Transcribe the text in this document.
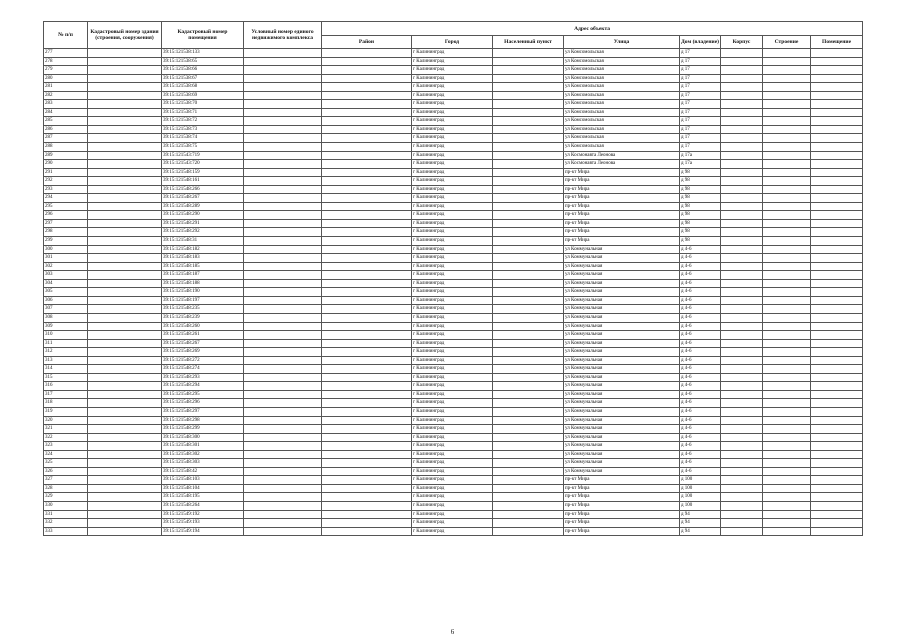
№ п/п	Кадастровый номер здания (строения, сооружения)	Кадастровый номер помещения	Условный номер единого недвижимого комплекса	Адрес объекта							
				Район	Город	Населенный пункт	Улица	Дом (владение)	Корпус	Строение	Помещение
277		39:15:121538:133			г Калининград		ул Комсомольская	д 17			
278		39:15:121538:65			г Калининград		ул Комсомольская	д 17			
279		39:15:121538:66			г Калининград		ул Комсомольская	д 17			
280		39:15:121538:67			г Калининград		ул Комсомольская	д 17			
281		39:15:121538:68			г Калининград		ул Комсомольская	д 17			
282		39:15:121538:69			г Калининград		ул Комсомольская	д 17			
283		39:15:121538:70			г Калининград		ул Комсомольская	д 17			
284		39:15:121538:71			г Калининград		ул Комсомольская	д 17			
285		39:15:121538:72			г Калининград		ул Комсомольская	д 17			
286		39:15:121538:73			г Калининград		ул Комсомольская	д 17			
287		39:15:121538:74			г Калининград		ул Комсомольская	д 17			
288		39:15:121538:75			г Калининград		ул Комсомольская	д 17			
289		39:15:121543:719			г Калининград		ул Космонавта Леонова	д 17а			
290		39:15:121543:720			г Калининград		ул Космонавта Леонова	д 17а			
291		39:15:121548:159			г Калининград		пр-кт Мира	д 98			
292		39:15:121548:161			г Калининград		пр-кт Мира	д 98			
293		39:15:121548:266			г Калининград		пр-кт Мира	д 98			
294		39:15:121548:267			г Калининград		пр-кт Мира	д 98			
295		39:15:121548:289			г Калининград		пр-кт Мира	д 98			
296		39:15:121548:290			г Калининград		пр-кт Мира	д 98			
297		39:15:121548:291			г Калининград		пр-кт Мира	д 98			
298		39:15:121548:292			г Калининград		пр-кт Мира	д 98			
299		39:15:121548:31			г Калининград		пр-кт Мира	д 98			
300		39:15:121548:182			г Калининград		ул Коммунальная	д 4-6			
301		39:15:121548:183			г Калининград		ул Коммунальная	д 4-6			
302		39:15:121548:185			г Калининград		ул Коммунальная	д 4-6			
303		39:15:121548:187			г Калининград		ул Коммунальная	д 4-6			
304		39:15:121548:188			г Калининград		ул Коммунальная	д 4-6			
305		39:15:121548:190			г Калининград		ул Коммунальная	д 4-6			
306		39:15:121548:197			г Калининград		ул Коммунальная	д 4-6			
307		39:15:121548:235			г Калининград		ул Коммунальная	д 4-6			
308		39:15:121548:239			г Калининград		ул Коммунальная	д 4-6			
309		39:15:121548:260			г Калининград		ул Коммунальная	д 4-6			
310		39:15:121548:261			г Калининград		ул Коммунальная	д 4-6			
311		39:15:121548:267			г Калининград		ул Коммунальная	д 4-6			
312		39:15:121548:269			г Калининград		ул Коммунальная	д 4-6			
313		39:15:121548:272			г Калининград		ул Коммунальная	д 4-6			
314		39:15:121548:274			г Калининград		ул Коммунальная	д 4-6			
315		39:15:121548:293			г Калининград		ул Коммунальная	д 4-6			
316		39:15:121548:294			г Калининград		ул Коммунальная	д 4-6			
317		39:15:121548:295			г Калининград		ул Коммунальная	д 4-6			
318		39:15:121548:296			г Калининград		ул Коммунальная	д 4-6			
319		39:15:121548:297			г Калининград		ул Коммунальная	д 4-6			
320		39:15:121548:298			г Калининград		ул Коммунальная	д 4-6			
321		39:15:121548:299			г Калининград		ул Коммунальная	д 4-6			
322		39:15:121548:300			г Калининград		ул Коммунальная	д 4-6			
323		39:15:121548:301			г Калининград		ул Коммунальная	д 4-6			
324		39:15:121548:302			г Калининград		ул Коммунальная	д 4-6			
325		39:15:121548:303			г Калининград		ул Коммунальная	д 4-6			
326		39:15:121548:42			г Калининград		ул Коммунальная	д 4-6			
327		39:15:121548:103			г Калининград		пр-кт Мира	д 100			
328		39:15:121548:104			г Калининград		пр-кт Мира	д 100			
329		39:15:121548:195			г Калининград		пр-кт Мира	д 100			
330		39:15:121548:264			г Калининград		пр-кт Мира	д 100			
331		39:15:121549:192			г Калининград		пр-кт Мира	д 94			
332		39:15:121549:193			г Калининград		пр-кт Мира	д 94			
333		39:15:121549:194			г Калининград		пр-кт Мира	д 94			
6
